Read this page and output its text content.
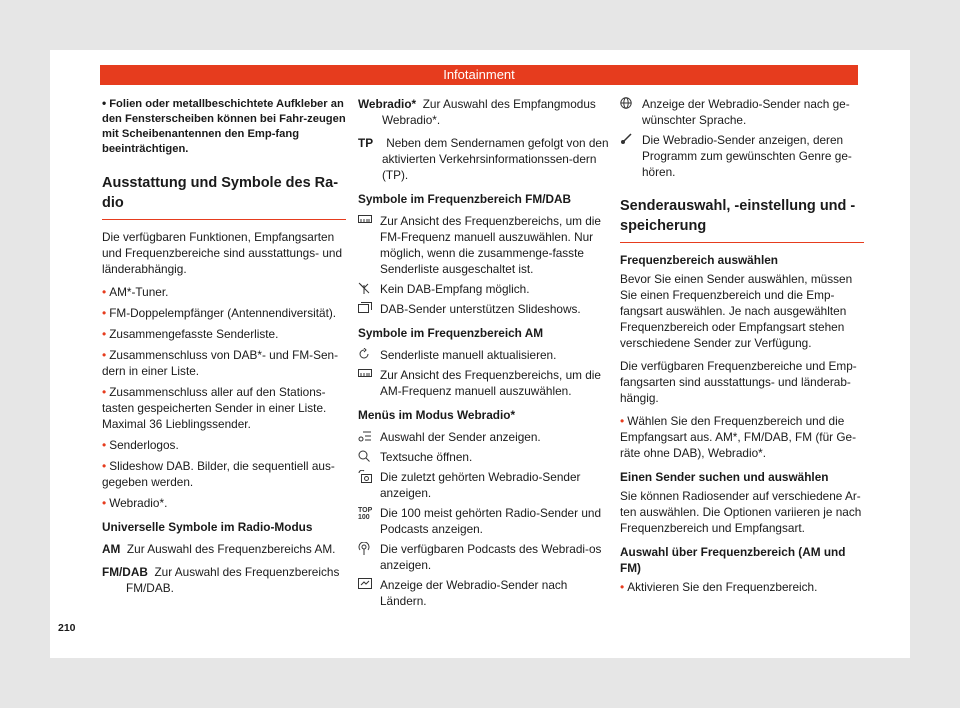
Infotainment

• Folien oder metallbeschichtete Aufkleber an den Fensterscheiben können bei Fahr-zeugen mit Scheibenantennen den Emp-fang beeinträchtigen.

Ausstattung und Symbole des Ra-dio

Die verfügbaren Funktionen, Empfangsarten und Frequenzbereiche sind ausstattungs- und länderabhängig.

• AM*-Tuner.

• FM-Doppelempfänger (Antennendiversität).

• Zusammengefasste Senderliste.

• Zusammenschluss von DAB*- und FM-Sen-dern in einer Liste.

• Zusammenschluss aller auf den Stations-tasten gespeicherten Sender in einer Liste. Maximal 36 Lieblingssender.

• Senderlogos.

• Slideshow DAB. Bilder, die sequentiell aus-gegeben werden.

• Webradio*.

Universelle Symbole im Radio-Modus

AM Zur Auswahl des Frequenzbereichs AM.

FM/DAB Zur Auswahl des Frequenzbereichs FM/DAB.

Webradio* Zur Auswahl des Empfangmodus Webradio*.

TP Neben dem Sendernamen gefolgt von den aktivierten Verkehrsinformationssen-dern (TP).

Symbole im Frequenzbereich FM/DAB

Zur Ansicht des Frequenzbereichs, um die FM-Frequenz manuell auszuwählen. Nur möglich, wenn die zusammenge-fasste Senderliste ausgeschaltet ist.
Kein DAB-Empfang möglich.
DAB-Sender unterstützen Slideshows.

Symbole im Frequenzbereich AM

Senderliste manuell aktualisieren.
Zur Ansicht des Frequenzbereichs, um die AM-Frequenz manuell auszuwählen.

Menüs im Modus Webradio*

Auswahl der Sender anzeigen.
Textsuche öffnen.
Die zuletzt gehörten Webradio-Sender anzeigen.
TOP 100 Die 100 meist gehörten Radio-Sender und Podcasts anzeigen.
Die verfügbaren Podcasts des Webradi-os anzeigen.
Anzeige der Webradio-Sender nach Ländern.
Anzeige der Webradio-Sender nach ge-wünschter Sprache.
Die Webradio-Sender anzeigen, deren Programm zum gewünschten Genre ge-hören.
Senderauswahl, -einstellung und -speicherung

Frequenzbereich auswählen

Bevor Sie einen Sender auswählen, müssen Sie einen Frequenzbereich und die Emp-fangsart auswählen. Je nach ausgewählten Frequenzbereich oder Empfangsart stehen verschiedene Sender zur Verfügung.

Die verfügbaren Frequenzbereiche und Emp-fangsarten sind ausstattungs- und länderab-hängig.

• Wählen Sie den Frequenzbereich und die Empfangsart aus. AM*, FM/DAB, FM (für Ge-räte ohne DAB), Webradio*.

Einen Sender suchen und auswählen

Sie können Radiosender auf verschiedene Ar-ten auswählen. Die Optionen variieren je nach Frequenzbereich und Empfangsart.

Auswahl über Frequenzbereich (AM und FM)

• Aktivieren Sie den Frequenzbereich.

210
